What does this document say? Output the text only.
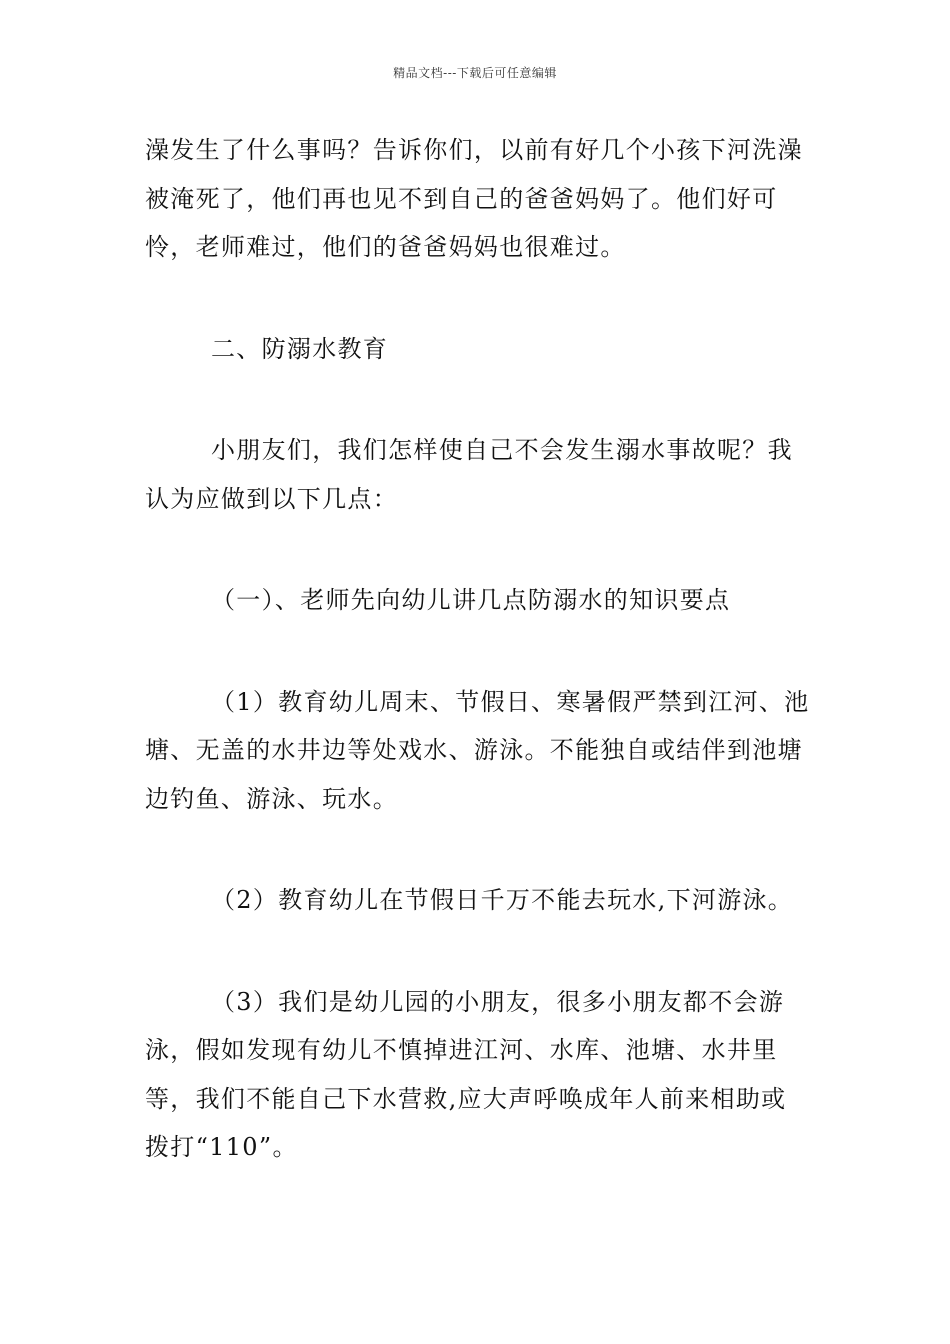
精品文档---下载后可任意编辑

澡发生了什么事吗？告诉你们，以前有好几个小孩下河洗澡被淹死了，他们再也见不到自己的爸爸妈妈了。他们好可怜，老师难过，他们的爸爸妈妈也很难过。

二、防溺水教育

小朋友们，我们怎样使自己不会发生溺水事故呢？我认为应做到以下几点：

（一）、老师先向幼儿讲几点防溺水的知识要点

（1）教育幼儿周末、节假日、寒暑假严禁到江河、池塘、无盖的水井边等处戏水、游泳。不能独自或结伴到池塘边钓鱼、游泳、玩水。

（2）教育幼儿在节假日千万不能去玩水,下河游泳。

（3）我们是幼儿园的小朋友，很多小朋友都不会游泳，假如发现有幼儿不慎掉进江河、水库、池塘、水井里等，我们不能自己下水营救,应大声呼唤成年人前来相助或拨打“110”。
